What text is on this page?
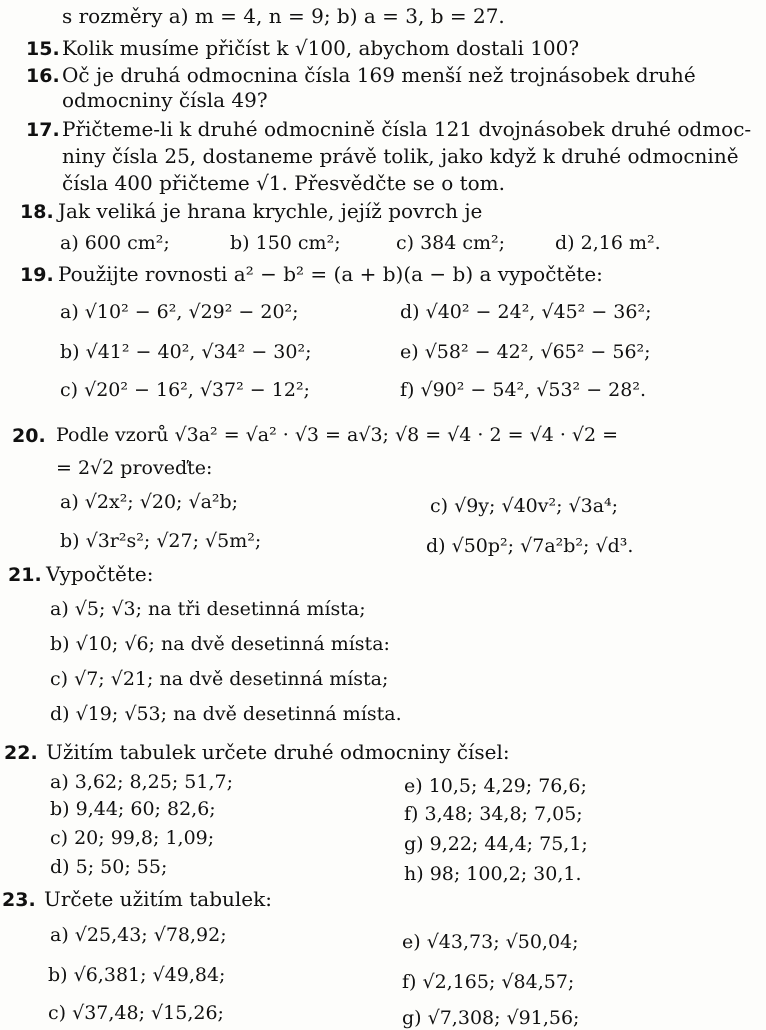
s rozměry a) m = 4, n = 9; b) a = 3, b = 27.
15. Kolik musíme přičíst k √100, abychom dostali 100?
16. Oč je druhá odmocnina čísla 169 menší než trojnásobek druhé
odmocniny čísla 49?
17. Přičteme-li k druhé odmocnině čísla 121 dvojnásobek druhé odmoc-
niny čísla 25, dostaneme právě tolik, jako když k druhé odmocnině
čísla 400 přičteme √1. Přesvědčte se o tom.
18. Jak veliká je hrana krychle, jejíž povrch je
a) 600 cm²;	b) 150 cm²;	c) 384 cm²;	d) 2,16 m².
19. Použijte rovnosti a² − b² = (a + b)(a − b) a vypočtěte:
a) √10² − 6², √29² − 20²;
b) √41² − 40², √34² − 30²;
c) √20² − 16², √37² − 12²;
d) √40² − 24², √45² − 36²;
e) √58² − 42², √65² − 56²;
f) √90² − 54², √53² − 28².
20. Podle vzorů √3a² = √a² · √3 = a√3; √8 = √4 · 2 = √4 · √2 =
= 2√2 proveďte:
a) √2x²; √20; √a²b;
b) √3r²s²; √27; √5m²;
c) √9y; √40v²; √3a⁴;
d) √50p²; √7a²b²; √d³.
21. Vypočtěte:
a) √5; √3; na tři desetinná místa;
b) √10; √6; na dvě desetinná místa:
c) √7; √21; na dvě desetinná místa;
d) √19; √53; na dvě desetinná místa.
22. Užitím tabulek určete druhé odmocniny čísel:
a) 3,62; 8,25; 51,7;
b) 9,44; 60; 82,6;
c) 20; 99,8; 1,09;
d) 5; 50; 55;
e) 10,5; 4,29; 76,6;
f) 3,48; 34,8; 7,05;
g) 9,22; 44,4; 75,1;
h) 98; 100,2; 30,1.
23. Určete užitím tabulek:
a) √25,43; √78,92;
b) √6,381; √49,84;
c) √37,48; √15,26;
e) √43,73; √50,04;
f) √2,165; √84,57;
g) √7,308; √91,56;
